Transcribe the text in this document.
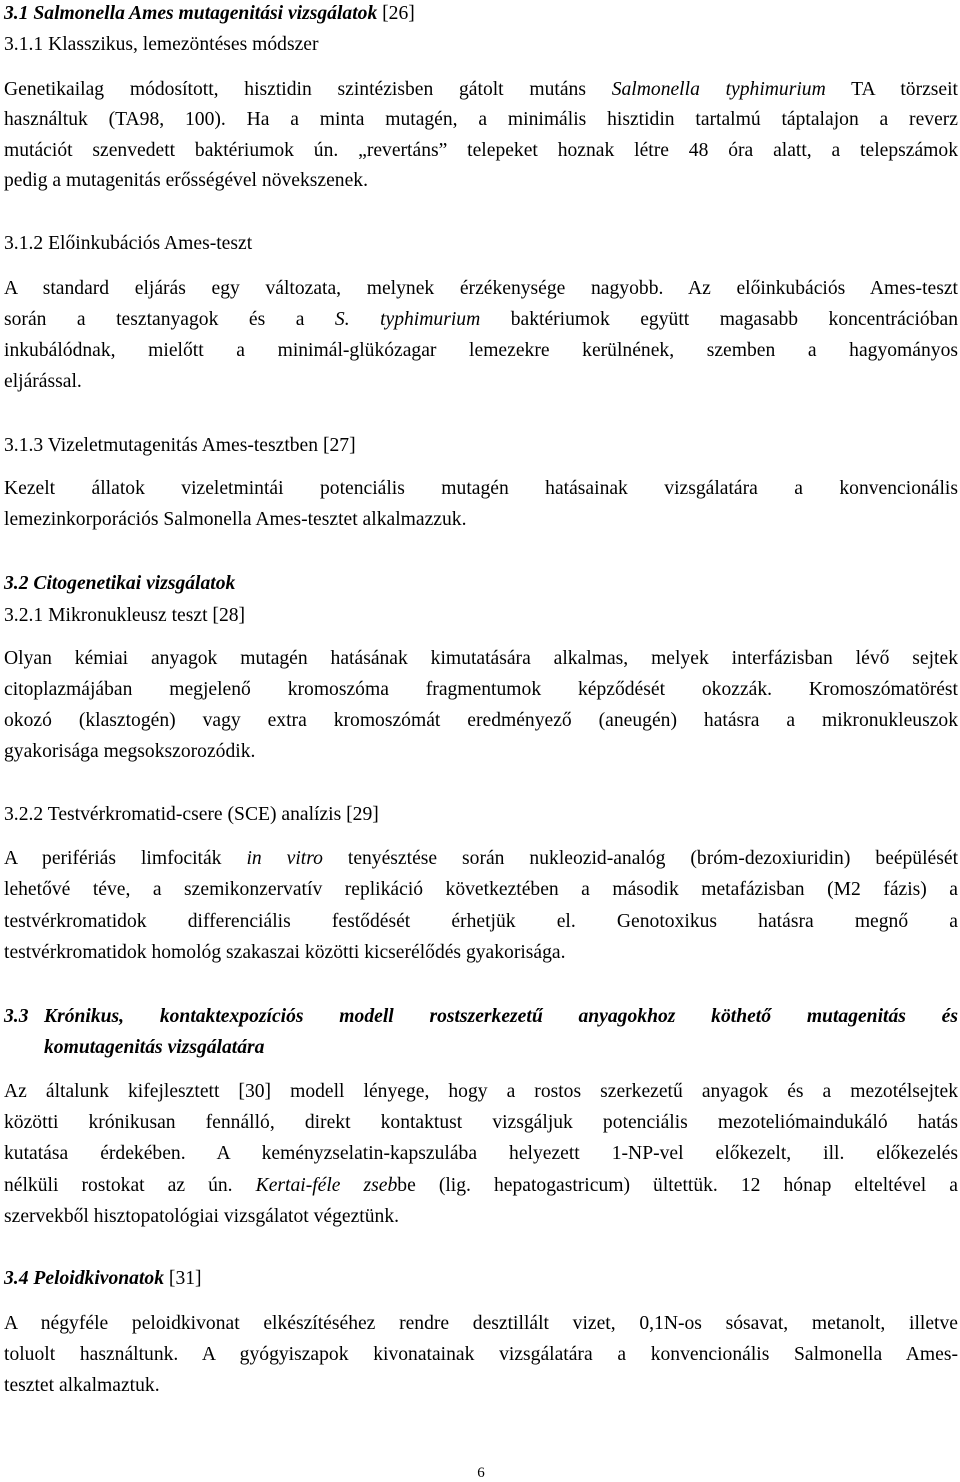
3.1 Salmonella Ames mutagenitási vizsgálatok [26]
3.1.1 Klasszikus, lemezöntéses módszer
Genetikailag módosított, hisztidin szintézisben gátolt mutáns Salmonella typhimurium TA törzseit
használtuk (TA98, 100). Ha a minta mutagén, a minimális hisztidin tartalmú táptalajon a reverz
mutációt szenvedett baktériumok ún. „revertáns” telepeket hoznak létre 48 óra alatt, a telepszámok
pedig a mutagenitás erősségével növekszenek.
3.1.2 Előinkubációs Ames-teszt
A standard eljárás egy változata, melynek érzékenysége nagyobb. Az előinkubációs Ames-teszt
során a tesztanyagok és a S. typhimurium baktériumok együtt magasabb koncentrációban
inkubálódnak, mielőtt a minimál-glükózagar lemezekre kerülnének, szemben a hagyományos
eljárással.
3.1.3 Vizeletmutagenitás Ames-tesztben [27]
Kezelt állatok vizeletmintái potenciális mutagén hatásainak vizsgálatára a konvencionális
lemezinkorporációs Salmonella Ames-tesztet alkalmazzuk.
3.2 Citogenetikai vizsgálatok
3.2.1 Mikronukleusz teszt [28]
Olyan kémiai anyagok mutagén hatásának kimutatására alkalmas, melyek interfázisban lévő sejtek
citoplazmájában megjelenő kromoszóma fragmentumok képződését okozzák. Kromoszómatörést
okozó (klasztogén) vagy extra kromoszómát eredményező (aneugén) hatásra a mikronukleuszok
gyakorisága megsokszorozódik.
3.2.2 Testvérkromatid-csere (SCE) analízis [29]
A perifériás limfociták in vitro tenyésztése során nukleozid-analóg (bróm-dezoxiuridin) beépülését
lehetővé téve, a szemikonzervatív replikáció következtében a második metafázisban (M2 fázis) a
testvérkromatidok differenciális festődését érhetjük el. Genotoxikus hatásra megnő a
testvérkromatidok homológ szakaszai közötti kicserélődés gyakorisága.
3.3 Krónikus, kontaktexpozíciós modell rostszerkezetű anyagokhoz köthető mutagenitás és
komutagenitás vizsgálatára
Az általunk kifejlesztett [30] modell lényege, hogy a rostos szerkezetű anyagok és a mezotélsejtek
közötti krónikusan fennálló, direkt kontaktust vizsgáljuk potenciális mezoteliómaindukáló hatás
kutatása érdekében. A keményzselatin-kapszulába helyezett 1-NP-vel előkezelt, ill. előkezelés
nélküli rostokat az ún. Kertai-féle zsebbe (lig. hepatogastricum) ültettük. 12 hónap elteltével a
szervekből hisztopatológiai vizsgálatot végeztünk.
3.4 Peloidkivonatok [31]
A négyféle peloidkivonat elkészítéséhez rendre desztillált vizet, 0,1N-os sósavat, metanolt, illetve
toluolt használtunk. A gyógyiszapok kivonatainak vizsgálatára a konvencionális Salmonella Ames-
tesztet alkalmaztuk.
6
